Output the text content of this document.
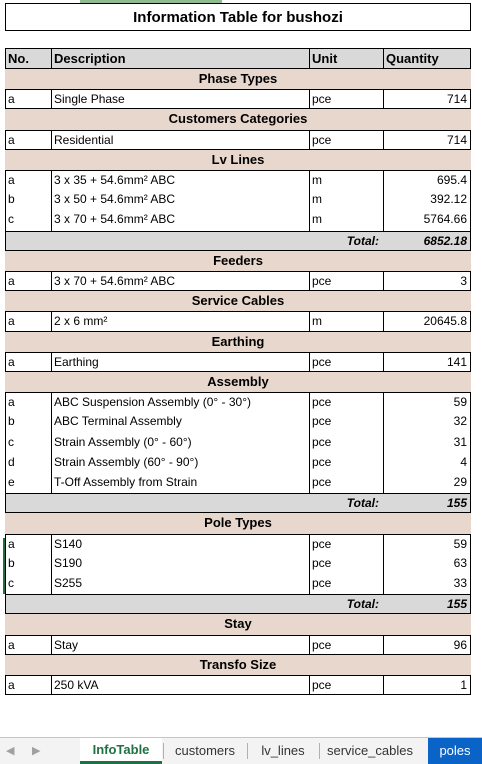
Information Table for bushozi
No.	Description	Unit	Quantity
Phase Types
a	Single Phase	pce	714
Customers Categories
a	Residential	pce	714
Lv Lines
a	3 x 35 + 54.6mm² ABC	m	695.4
b	3 x 50 + 54.6mm² ABC	m	392.12
c	3 x 70 + 54.6mm² ABC	m	5764.66
Total:	6852.18
Feeders
a	3 x 70 + 54.6mm² ABC	pce	3
Service Cables
a	2 x 6 mm²	m	20645.8
Earthing
a	Earthing	pce	141
Assembly
a	ABC Suspension Assembly (0° - 30°)	pce	59
b	ABC Terminal Assembly	pce	32
c	Strain Assembly (0° - 60°)	pce	31
d	Strain Assembly (60° - 90°)	pce	4
e	T-Off Assembly from Strain	pce	29
Total:	155
Pole Types
a	S140	pce	59
b	S190	pce	63
c	S255	pce	33
Total:	155
Stay
a	Stay	pce	96
Transfo Size
a	250 kVA	pce	1
◀ ▶	InfoTable	customers	lv_lines	service_cables	poles
